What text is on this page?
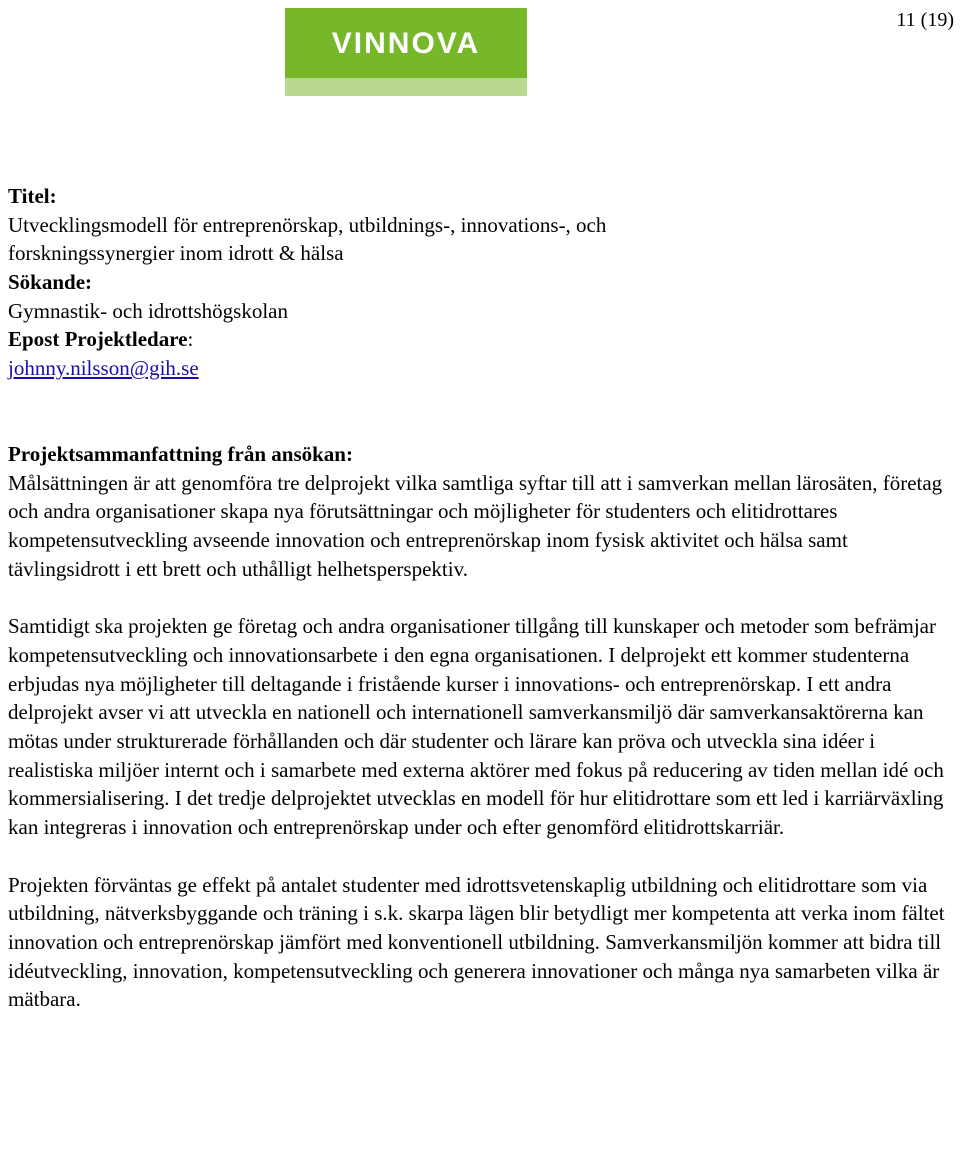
11 (19)
VINNOVA
Titel:
Utvecklingsmodell för entreprenörskap, utbildnings-, innovations-, och
forskningssynergier inom idrott & hälsa
Sökande:
Gymnastik- och idrottshögskolan
Epost Projektledare:
johnny.nilsson@gih.se
Projektsammanfattning från ansökan:

Målsättningen är att genomföra tre delprojekt vilka samtliga syftar till att i samverkan mellan lärosäten, företag och andra organisationer skapa nya förutsättningar och möjligheter för studenters och elitidrottares kompetensutveckling avseende innovation och entreprenörskap inom fysisk aktivitet och hälsa samt tävlingsidrott i ett brett och uthålligt helhetsperspektiv.

Samtidigt ska projekten ge företag och andra organisationer tillgång till kunskaper och metoder som befrämjar kompetensutveckling och innovationsarbete i den egna organisationen. I delprojekt ett kommer studenterna erbjudas nya möjligheter till deltagande i fristående kurser i innovations- och entreprenörskap. I ett andra delprojekt avser vi att utveckla en nationell och internationell samverkansmiljö där samverkansaktörerna kan mötas under strukturerade förhållanden och där studenter och lärare kan pröva och utveckla sina idéer i realistiska miljöer internt och i samarbete med externa aktörer med fokus på reducering av tiden mellan idé och kommersialisering. I det tredje delprojektet utvecklas en modell för hur elitidrottare som ett led i karriärväxling kan integreras i innovation och entreprenörskap under och efter genomförd elitidrottskarriär.

Projekten förväntas ge effekt på antalet studenter med idrottsvetenskaplig utbildning och elitidrottare som via utbildning, nätverksbyggande och träning i s.k. skarpa lägen blir betydligt mer kompetenta att verka inom fältet innovation och entreprenörskap jämfört med konventionell utbildning. Samverkansmiljön kommer att bidra till idéutveckling, innovation, kompetensutveckling och generera innovationer och många nya samarbeten vilka är mätbara.
